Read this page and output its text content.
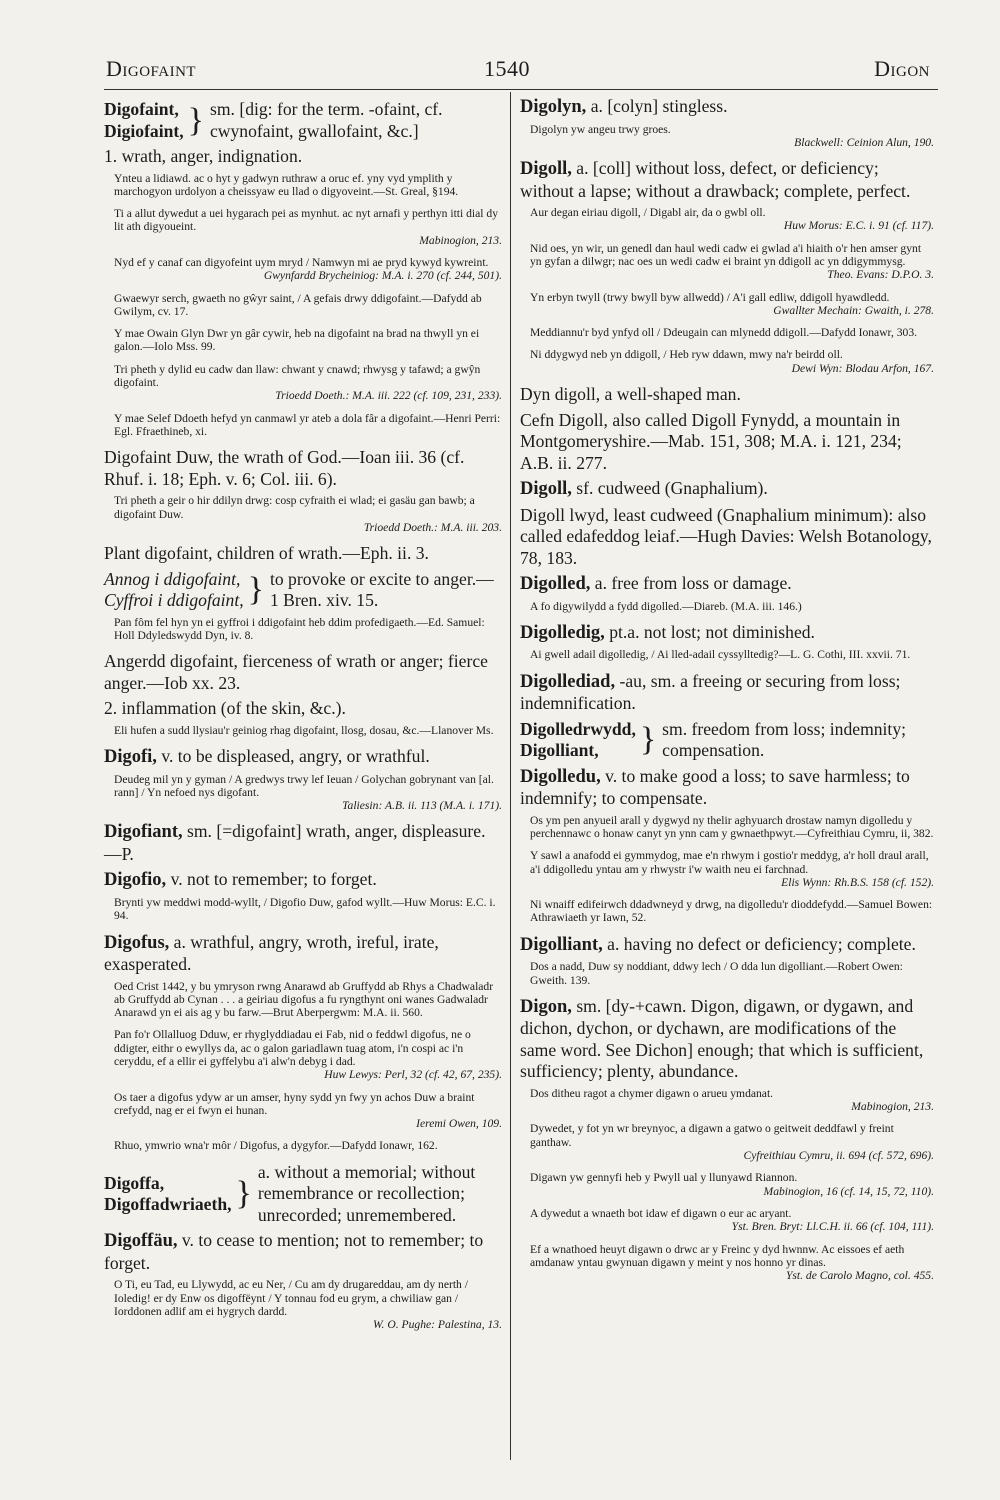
Digofaint	1540	Digon
Digofaint,
Digiofaint, } sm. [dig: for the term. -ofaint, cf. cwynofaint, gwallofaint, &c.]
1. wrath, anger, indignation.
Ynteu a lidiawd. ac o hyt y gadwyn ruthraw a oruc ef. yny vyd ymplith y marchogyon urdolyon a cheissyaw eu llad o digyoveint.—St. Greal, §194.
Ti a allut dywedut a uei hygarach pei as mynhut. ac nyt arnafi y perthyn itti dial dy lit ath digyoueint.
Mabinogion, 213.
Nyd ef y canaf can digyofeint uym mryd / Namwyn mi ae pryd kywyd kywreint.
Gwynfardd Brycheiniog: M.A. i. 270 (cf. 244, 501).
Gwaewyr serch, gwaeth no gŵyr saint, / A gefais drwy ddigofaint.—Dafydd ab Gwilym, cv. 17.
Y mae Owain Glyn Dwr yn gâr cywir, heb na digofaint na brad na thwyll yn ei galon.—Iolo Mss. 99.
Tri pheth y dylid eu cadw dan llaw: chwant y cnawd; rhwysg y tafawd; a gwŷn digofaint.
Trioedd Doeth.: M.A. iii. 222 (cf. 109, 231, 233).
Y mae Selef Ddoeth hefyd yn canmawl yr ateb a dola fâr a digofaint.—Henri Perri: Egl. Ffraethineb, xi.
Digofaint Duw, the wrath of God.—Ioan iii. 36 (cf. Rhuf. i. 18; Eph. v. 6; Col. iii. 6).
Tri pheth a geir o hir ddilyn drwg: cosp cyfraith ei wlad; ei gasäu gan bawb; a digofaint Duw.
Trioedd Doeth.: M.A. iii. 203.
Plant digofaint, children of wrath.—Eph. ii. 3.
Annog i ddigofaint,
Cyffroi i ddigofaint, } to provoke or excite to anger.—1 Bren. xiv. 15.
Pan fôm fel hyn yn ei gyffroi i ddigofaint heb ddim profedigaeth.—Ed. Samuel: Holl Ddyledswydd Dyn, iv. 8.
Angerdd digofaint, fierceness of wrath or anger; fierce anger.—Iob xx. 23.
2. inflammation (of the skin, &c.).
Eli hufen a sudd llysiau'r geiniog rhag digofaint, llosg, dosau, &c.—Llanover Ms.
Digofi, v. to be displeased, angry, or wrathful.
Deudeg mil yn y gyman / A gredwys trwy lef Ieuan / Golychan gobrynant van [al. rann] / Yn nefoed nys digofant.
Taliesin: A.B. ii. 113 (M.A. i. 171).
Digofiant, sm. [=digofaint] wrath, anger, displeasure.—P.
Digofio, v. not to remember; to forget.
Brynti yw meddwi modd-wyllt, / Digofio Duw, gafod wyllt.—Huw Morus: E.C. i. 94.
Digofus, a. wrathful, angry, wroth, ireful, irate, exasperated.
Oed Crist 1442, y bu ymryson rwng Anarawd ab Gruffydd ab Rhys a Chadwaladr ab Gruffydd ab Cynan . . . a geiriau digofus a fu ryngthynt oni wanes Gadwaladr Anarawd yn ei ais ag y bu farw.—Brut Aberpergwm: M.A. ii. 560.
Pan fo'r Ollalluog Dduw, er rhyglyddiadau ei Fab, nid o feddwl digofus, ne o ddigter, eithr o ewyllys da, ac o galon gariadlawn tuag atom, i'n cospi ac i'n ceryddu, ef a ellir ei gyffelybu a'i alw'n debyg i dad.
Huw Lewys: Perl, 32 (cf. 42, 67, 235).
Os taer a digofus ydyw ar un amser, hyny sydd yn fwy yn achos Duw a braint crefydd, nag er ei fwyn ei hunan.
Ieremi Owen, 109.
Rhuo, ymwrio wna'r môr / Digofus, a dygyfor.—Dafydd Ionawr, 162.
Digoffa,
Digoffadwriaeth, }
a. without a memorial; without remembrance or recollection; unrecorded; unremembered.
Digoffäu, v. to cease to mention; not to remember; to forget.
O Ti, eu Tad, eu Llywydd, ac eu Ner, / Cu am dy drugareddau, am dy nerth / Ioledig! er dy Enw os digoffëynt / Y tonnau fod eu grym, a chwiliaw gan / Iorddonen adlif am ei hygrych dardd.
W. O. Pughe: Palestina, 13.
Digolyn, a. [colyn] stingless.
Digolyn yw angeu trwy groes.
Blackwell: Ceinion Alun, 190.
Digoll, a. [coll] without loss, defect, or deficiency; without a lapse; without a drawback; complete, perfect.
Aur degan eiriau digoll, / Digabl air, da o gwbl oll.
Huw Morus: E.C. i. 91 (cf. 117).
Nid oes, yn wir, un genedl dan haul wedi cadw ei gwlad a'i hiaith o'r hen amser gynt yn gyfan a dilwgr; nac oes un wedi cadw ei braint yn ddigoll ac yn ddigymmysg.
Theo. Evans: D.P.O. 3.
Yn erbyn twyll (trwy bwyll byw allwedd) / A'i gall edliw, ddigoll hyawdledd.
Gwallter Mechain: Gwaith, i. 278.
Meddiannu'r byd ynfyd oll / Ddeugain can mlynedd ddigoll.—Dafydd Ionawr, 303.
Ni ddygwyd neb yn ddigoll, / Heb ryw ddawn, mwy na'r beirdd oll.
Dewi Wyn: Blodau Arfon, 167.
Dyn digoll, a well-shaped man.
Cefn Digoll, also called Digoll Fynydd, a mountain in Montgomeryshire.—Mab. 151, 308; M.A. i. 121, 234; A.B. ii. 277.
Digoll, sf. cudweed (Gnaphalium).
Digoll lwyd, least cudweed (Gnaphalium minimum): also called edafeddog leiaf.—Hugh Davies: Welsh Botanology, 78, 183.
Digolled, a. free from loss or damage.
A fo digywilydd a fydd digolled.—Diareb. (M.A. iii. 146.)
Digolledig, pt.a. not lost; not diminished.
Ai gwell adail digolledig, / Ai lled-adail cyssylltedig?—L. G. Cothi, III. xxvii. 71.
Digollediad, -au, sm. a freeing or securing from loss; indemnification.
Digolledrwydd,
Digolliant,	} sm. freedom from loss; indemnity; compensation.
Digolledu, v. to make good a loss; to save harmless; to indemnify; to compensate.
Os ym pen anyueil arall y dygwyd ny thelir aghyuarch drostaw namyn digolledu y perchennawc o honaw canyt yn ynn cam y gwnaethpwyt.—Cyfreithiau Cymru, ii, 382.
Y sawl a anafodd ei gymmydog, mae e'n rhwym i gostio'r meddyg, a'r holl draul arall, a'i ddigolledu yntau am y rhwystr i'w waith neu ei farchnad.
Elis Wynn: Rh.B.S. 158 (cf. 152).
Ni wnaiff edifeirwch ddadwneyd y drwg, na digolledu'r dioddefydd.—Samuel Bowen: Athrawiaeth yr Iawn, 52.
Digolliant, a. having no defect or deficiency; complete.
Dos a nadd, Duw sy noddiant, ddwy lech / O dda lun digolliant.—Robert Owen: Gweith. 139.
Digon, sm. [dy-+cawn. Digon, digawn, or dygawn, and dichon, dychon, or dychawn, are modifications of the same word. See Dichon] enough; that which is sufficient, sufficiency; plenty, abundance.
Dos ditheu ragot a chymer digawn o arueu ymdanat.
Mabinogion, 213.
Dywedet, y fot yn wr breynyoc, a digawn a gatwo o geitweit deddfawl y freint ganthaw.
Cyfreithiau Cymru, ii. 694 (cf. 572, 696).
Digawn yw gennyfi heb y Pwyll ual y llunyawd Riannon.
Mabinogion, 16 (cf. 14, 15, 72, 110).
A dywedut a wnaeth bot idaw ef digawn o eur ac aryant.
Yst. Bren. Bryt: Ll.C.H. ii. 66 (cf. 104, 111).
Ef a wnathoed heuyt digawn o drwc ar y Freinc y dyd hwnnw. Ac eissoes ef aeth amdanaw yntau gwynuan digawn y meint y nos honno yr dinas.
Yst. de Carolo Magno, col. 455.
